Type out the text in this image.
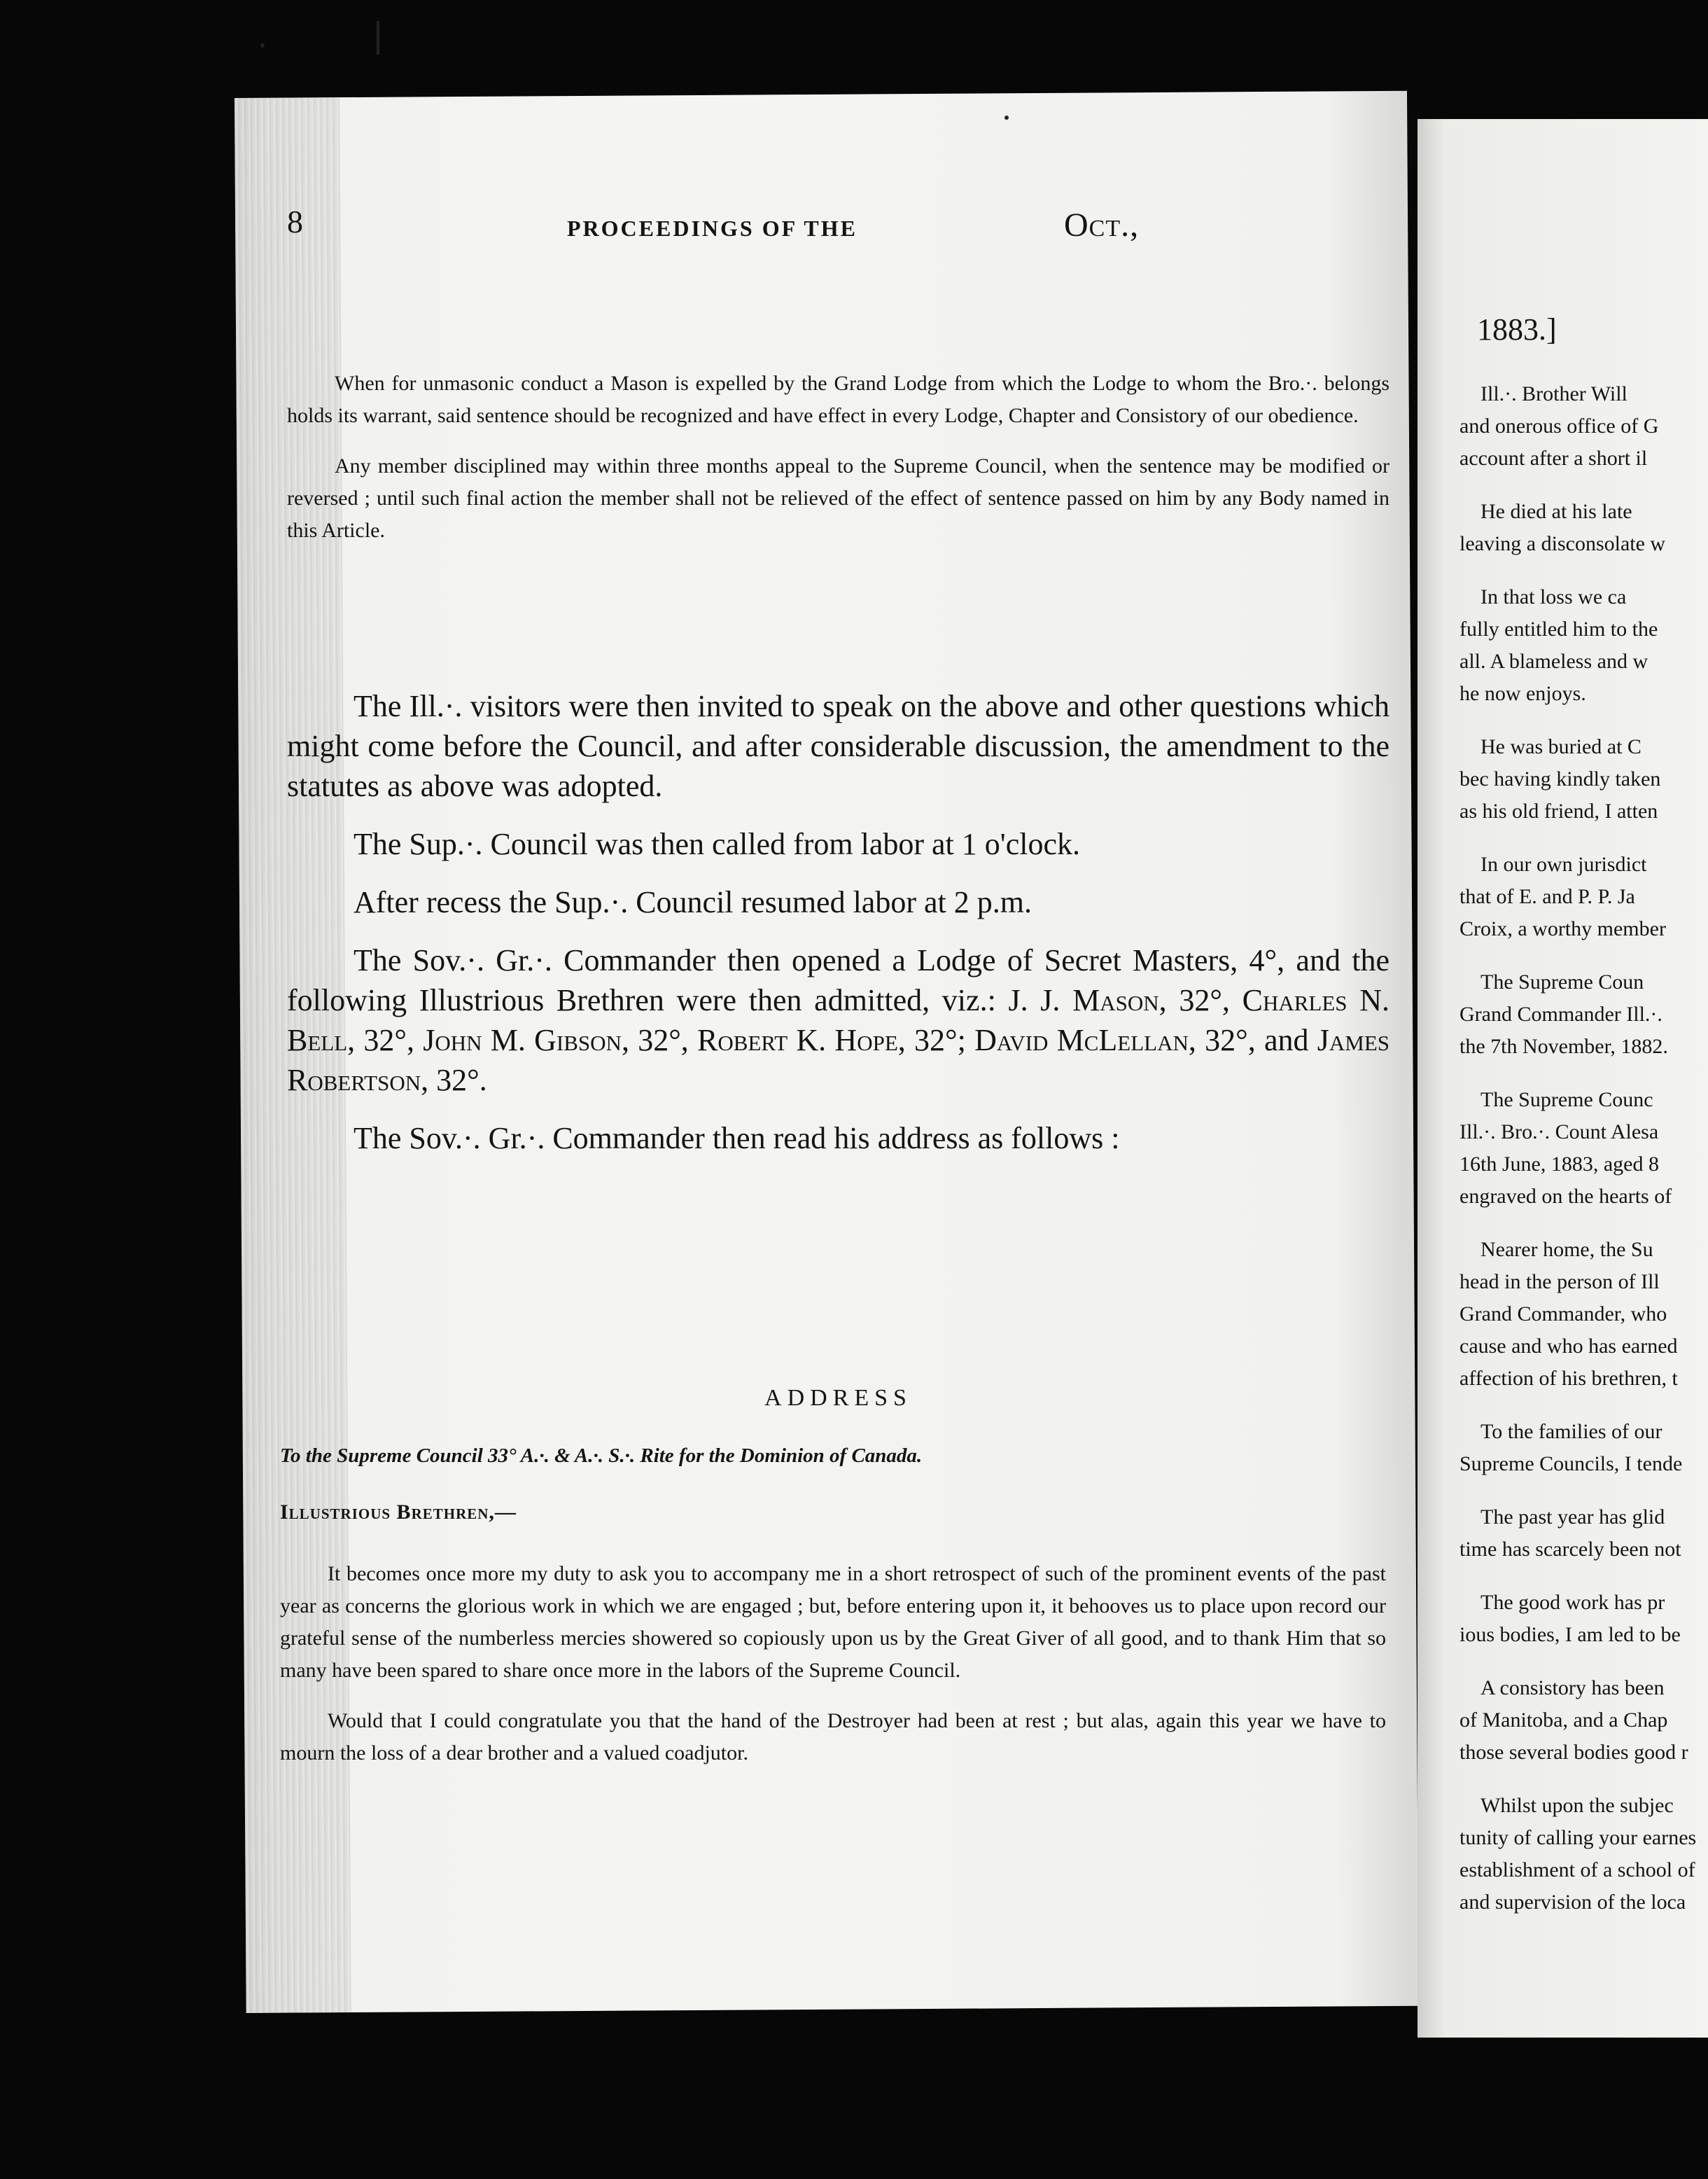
8	PROCEEDINGS OF THE	Oct.,

When for unmasonic conduct a Mason is expelled by the Grand Lodge from which the Lodge to whom the Bro.·. belongs holds its warrant, said sentence should be recognized and have effect in every Lodge, Chapter and Consistory of our obedience.

Any member disciplined may within three months appeal to the Supreme Council, when the sentence may be modified or reversed ; until such final action the member shall not be relieved of the effect of sentence passed on him by any Body named in this Article.

The Ill.·. visitors were then invited to speak on the above and other questions which might come before the Council, and after considerable discussion, the amendment to the statutes as above was adopted.

The Sup.·. Council was then called from labor at 1 o'clock.

After recess the Sup.·. Council resumed labor at 2 p.m.

The Sov.·. Gr.·. Commander then opened a Lodge of Secret Masters, 4°, and the following Illustrious Brethren were then admitted, viz.: J. J. Mason, 32°, Charles N. Bell, 32°, John M. Gibson, 32°, Robert K. Hope, 32°; David McLellan, 32°, and James Robertson, 32°.

The Sov.·. Gr.·. Commander then read his address as follows :

ADDRESS
To the Supreme Council 33° A.·. & A.·. S.·. Rite for the Dominion of Canada.
Illustrious Brethren,—

It becomes once more my duty to ask you to accompany me in a short retrospect of such of the prominent events of the past year as concerns the glorious work in which we are engaged ; but, before entering upon it, it behooves us to place upon record our grateful sense of the numberless mercies showered so copiously upon us by the Great Giver of all good, and to thank Him that so many have been spared to share once more in the labors of the Supreme Council.

Would that I could congratulate you that the hand of the Destroyer had been at rest ; but alas, again this year we have to mourn the loss of a dear brother and a valued coadjutor.

1883.]
Ill.·. Brother Will
and onerous office of G
account after a short il
He died at his late
leaving a disconsolate w
In that loss we ca
fully entitled him to the
all. A blameless and w
he now enjoys.
He was buried at C
bec having kindly taken
as his old friend, I atten
In our own jurisdict
that of E. and P. P. Ja
Croix, a worthy member
The Supreme Coun
Grand Commander Ill.·.
the 7th November, 1882.
The Supreme Counc
Ill.·. Bro.·. Count Alesa
16th June, 1883, aged 8
engraved on the hearts of
Nearer home, the Su
head in the person of Ill
Grand Commander, who
cause and who has earned
affection of his brethren, t
To the families of our
Supreme Councils, I tende
The past year has glid
time has scarcely been not
The good work has pr
ious bodies, I am led to be
A consistory has been
of Manitoba, and a Chap
those several bodies good r
Whilst upon the subjec
tunity of calling your earnes
establishment of a school of
and supervision of the loca
